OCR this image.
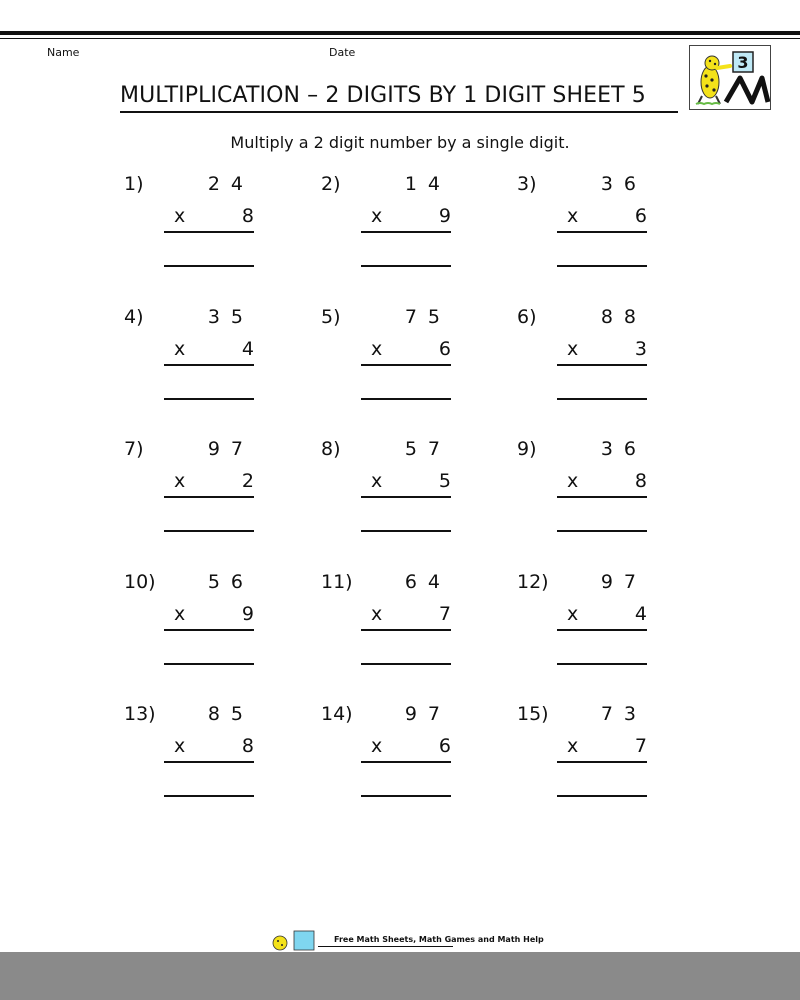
Name	Date
MULTIPLICATION – 2 DIGITS BY 1 DIGIT SHEET 5
3
Multiply a 2 digit number by a single digit.
1)	24
x	8
2)	14
x	9
3)	36
x	6
4)	35
x	4
5)	75
x	6
6)	88
x	3
7)	97
x	2
8)	57
x	5
9)	36
x	8
10)	56
x	9
11)	64
x	7
12)	97
x	4
13)	85
x	8
14)	97
x	6
15)	73
x	7
Free Math Sheets, Math Games and Math Help
